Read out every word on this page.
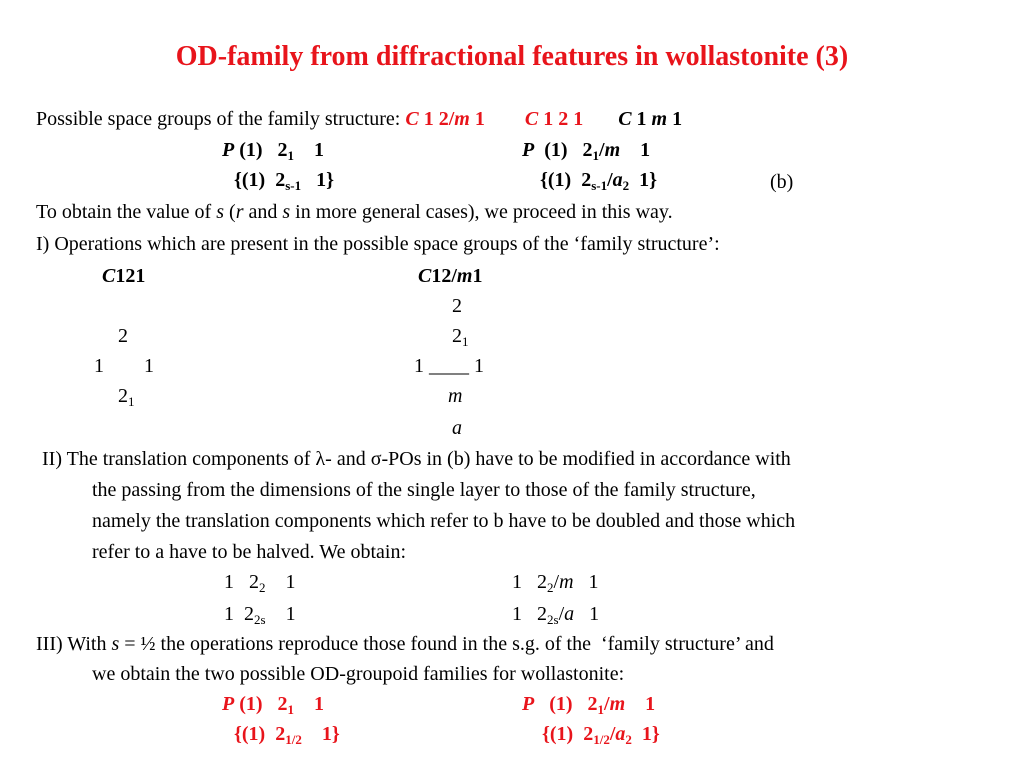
OD-family from diffractional features in wollastonite (3)
Possible space groups of the family structure: C 1 2/m 1 C 1 2 1 C 1 m 1
P (1) $2_1$ 1
{(1)  $2_{s-1}$ 1}
P (1) $2_1/m$ 1
{(1)  $2_{s-1}/a_2$ 1}	(b)
To obtain the value of s (r and s in more general cases), we proceed in this way.
I) Operations which are present in the possible space groups of the ‘family structure’:
C121
2
1 1
$2_1$
C12/m1
2
$2_1$
1 ____ 1
m
a
II) The translation components of λ- and σ-POs in (b) have to be modified in accordance with
the passing from the dimensions of the single layer to those of the family structure,
namely the translation components which refer to b have to be doubled and those which
refer to a have to be halved. We obtain:
1   $2_2$    1
1  $2_{2s}$    1
1   $2_2/m$   1
1   $2_{2s}/a$   1
III) With s = ½ the operations reproduce those found in the s.g. of the  ‘family structure’ and
we obtain the two possible OD-groupoid families for wollastonite:
P (1) $2_1$ 1
{(1)  $2_{1/2}$ 1}
P (1) $2_1/m$ 1
{(1)  $2_{1/2}/a_2$ 1}
